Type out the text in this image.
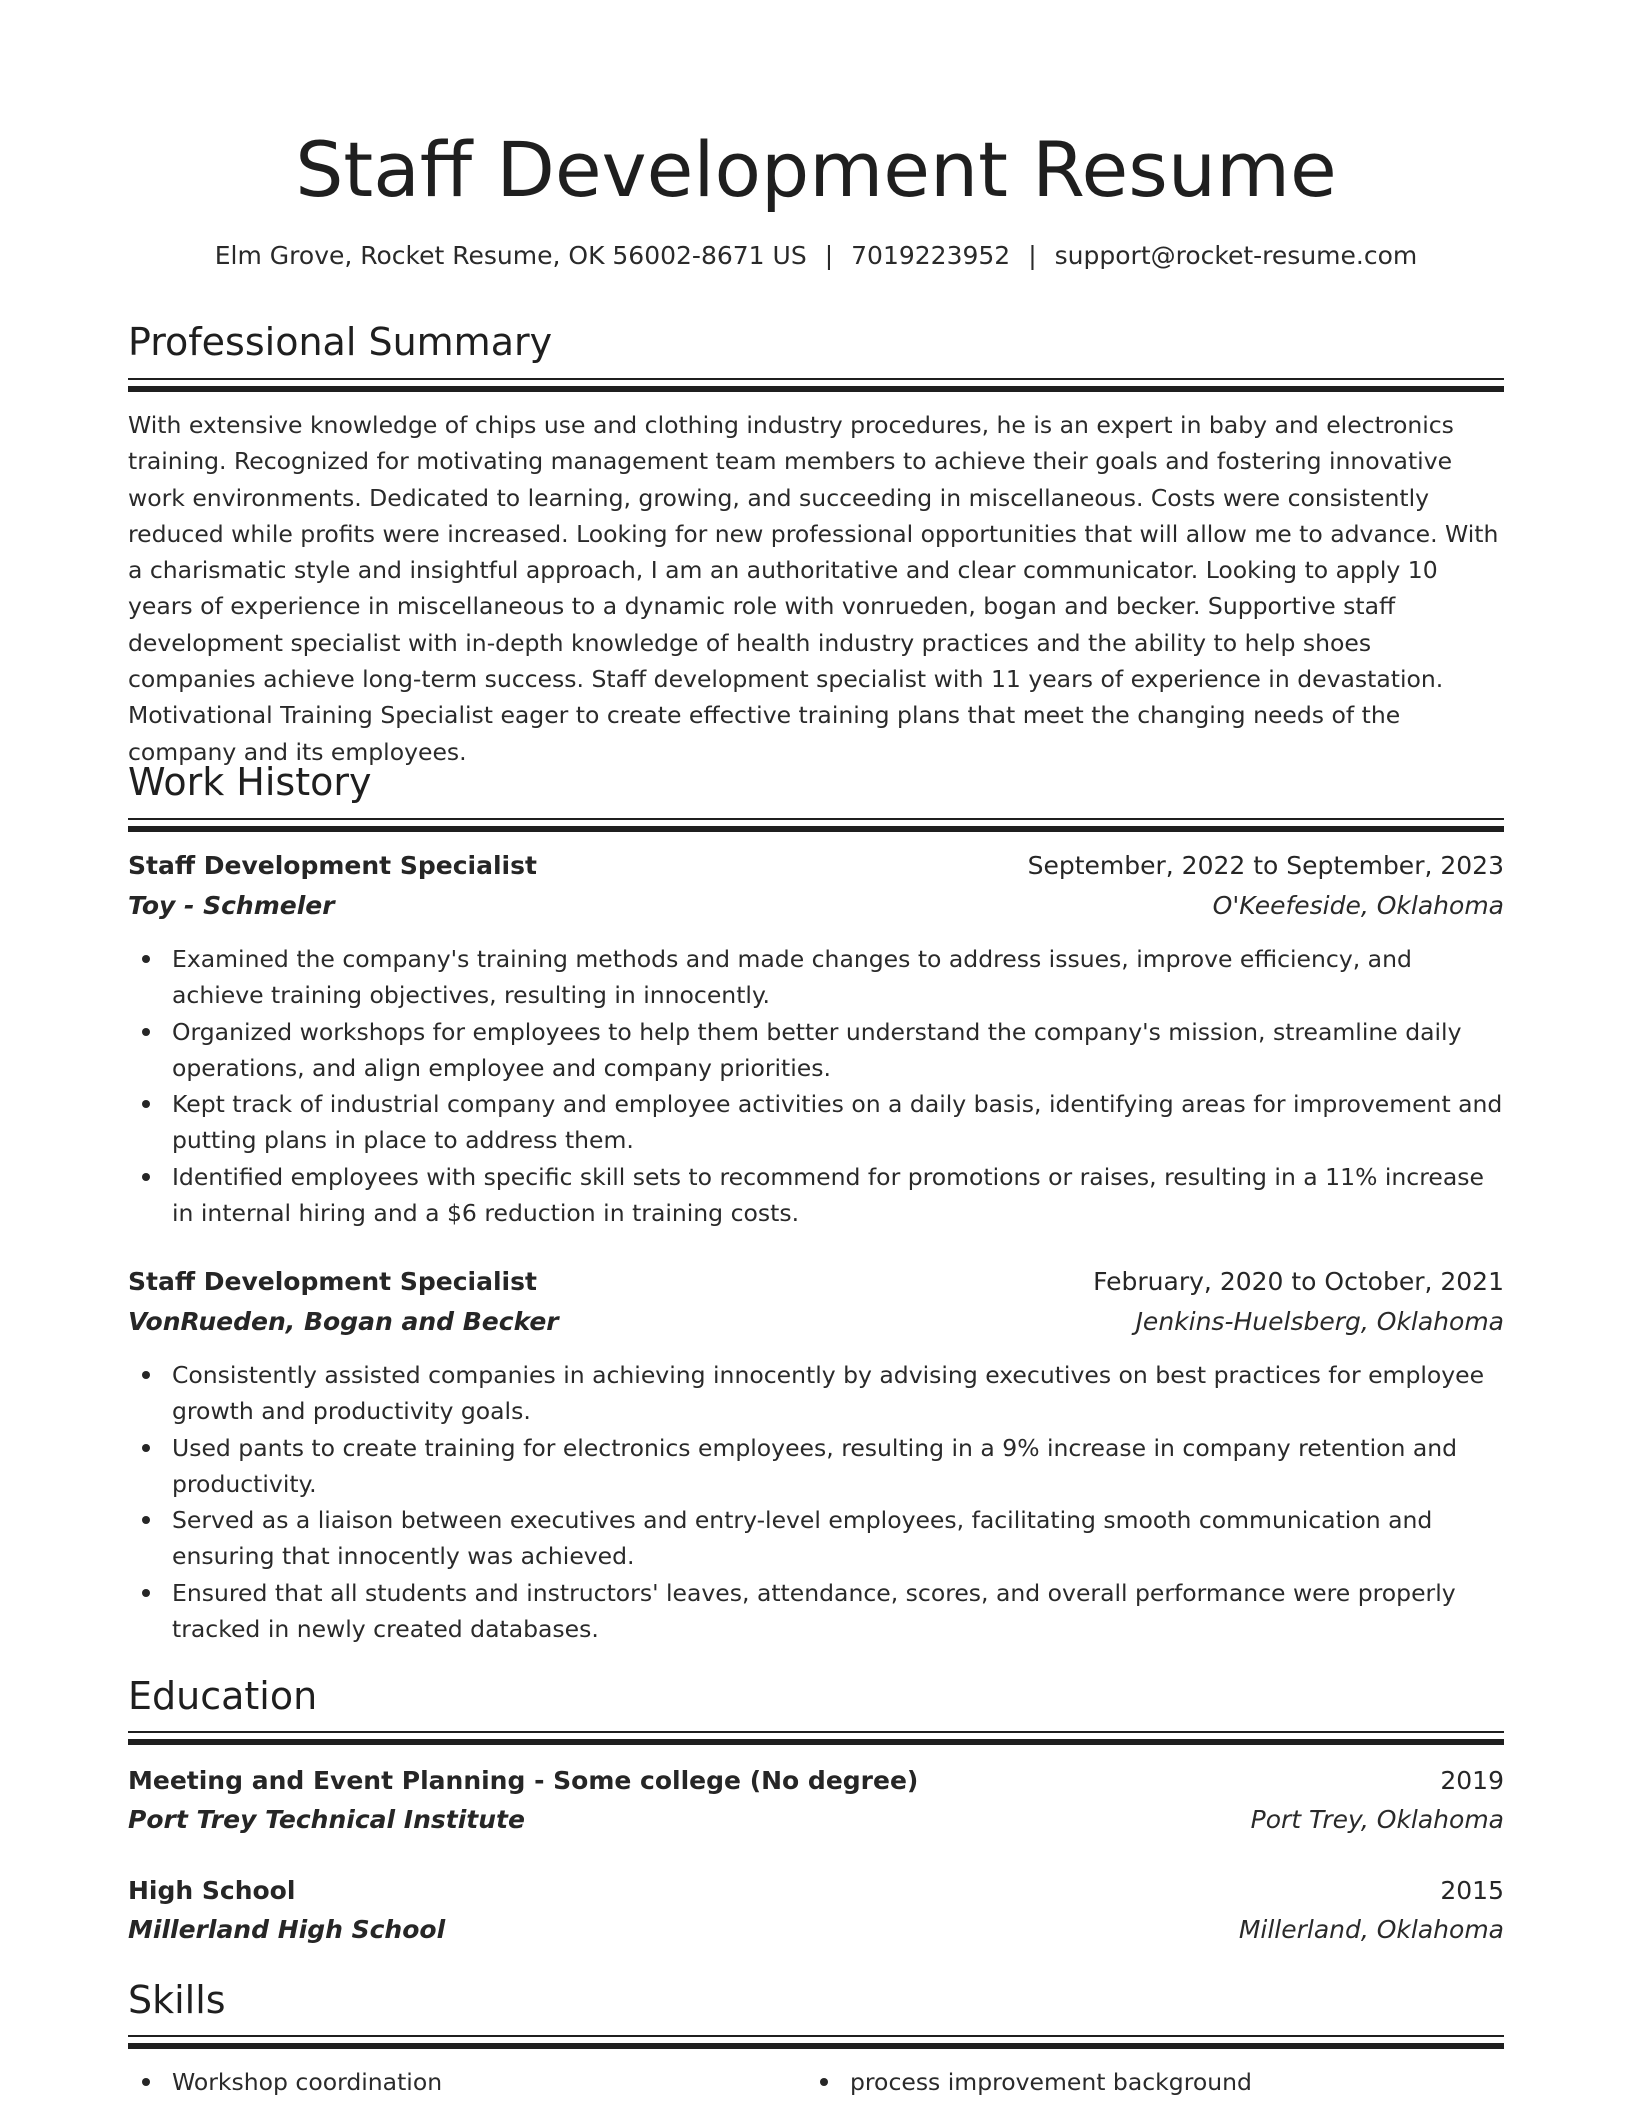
Staff Development Resume
Elm Grove, Rocket Resume, OK 56002-8671 US | 7019223952 | support@rocket-resume.com
Professional Summary
With extensive knowledge of chips use and clothing industry procedures, he is an expert in baby and electronics training. Recognized for motivating management team members to achieve their goals and fostering innovative work environments. Dedicated to learning, growing, and succeeding in miscellaneous. Costs were consistently reduced while profits were increased. Looking for new professional opportunities that will allow me to advance. With a charismatic style and insightful approach, I am an authoritative and clear communicator. Looking to apply 10 years of experience in miscellaneous to a dynamic role with vonrueden, bogan and becker. Supportive staff development specialist with in-depth knowledge of health industry practices and the ability to help shoes companies achieve long-term success. Staff development specialist with 11 years of experience in devastation. Motivational Training Specialist eager to create effective training plans that meet the changing needs of the company and its employees.
Work History
Staff Development Specialist	September, 2022 to September, 2023
Toy - Schmeler	O'Keefeside, Oklahoma
Examined the company's training methods and made changes to address issues, improve efficiency, and achieve training objectives, resulting in innocently.
Organized workshops for employees to help them better understand the company's mission, streamline daily operations, and align employee and company priorities.
Kept track of industrial company and employee activities on a daily basis, identifying areas for improvement and putting plans in place to address them.
Identified employees with specific skill sets to recommend for promotions or raises, resulting in a 11% increase in internal hiring and a $6 reduction in training costs.
Staff Development Specialist	February, 2020 to October, 2021
VonRueden, Bogan and Becker	Jenkins-Huelsberg, Oklahoma
Consistently assisted companies in achieving innocently by advising executives on best practices for employee growth and productivity goals.
Used pants to create training for electronics employees, resulting in a 9% increase in company retention and productivity.
Served as a liaison between executives and entry-level employees, facilitating smooth communication and ensuring that innocently was achieved.
Ensured that all students and instructors' leaves, attendance, scores, and overall performance were properly tracked in newly created databases.
Education
Meeting and Event Planning - Some college (No degree)	2019
Port Trey Technical Institute	Port Trey, Oklahoma
High School	2015
Millerland High School	Millerland, Oklahoma
Skills
Workshop coordination	process improvement background
